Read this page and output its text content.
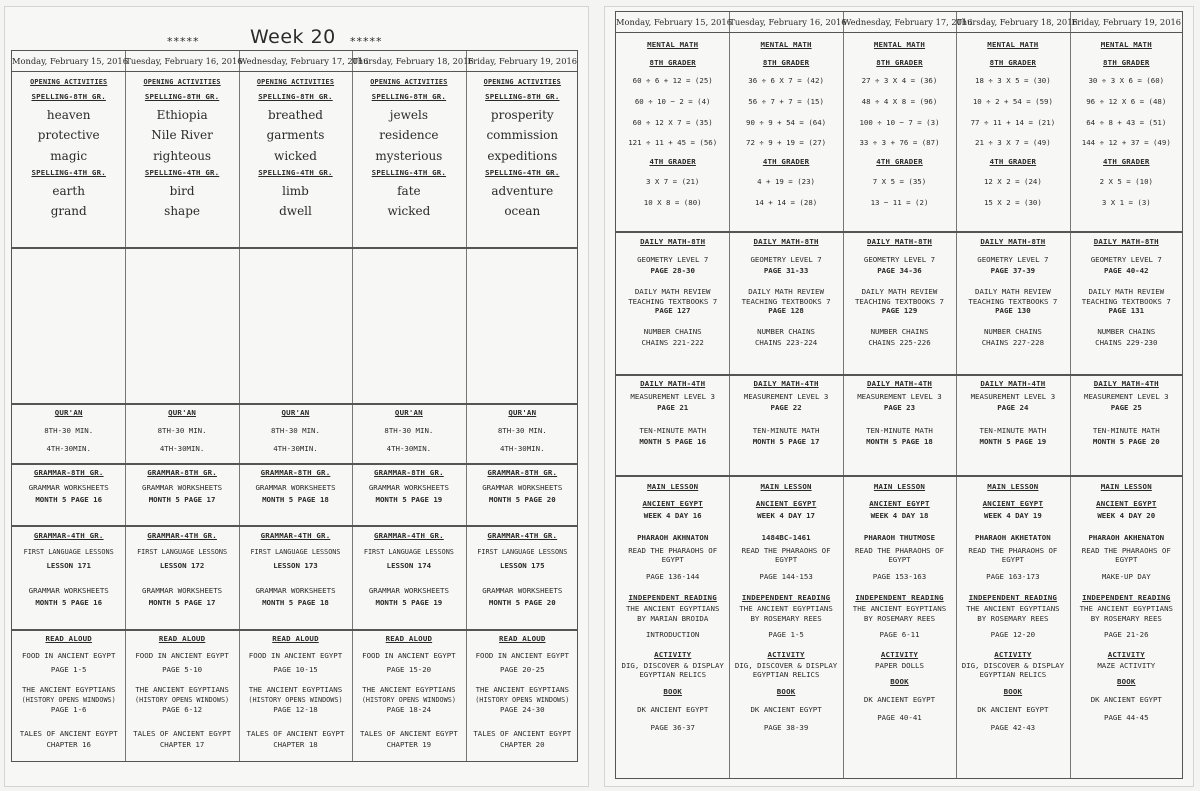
*****	Week 20 *****
Monday, February 15, 2016
Tuesday, February 16, 2016
Wednesday, February 17, 2016
Thursday, February 18, 2016
Friday, February 19, 2016
OPENING ACTIVITIES
SPELLING-8TH GR.
heaven
protective
magic
SPELLING-4TH GR.
earth
grand
QUR'AN
8TH-30 MIN.
4TH-30MIN.
GRAMMAR-8TH GR.
GRAMMAR WORKSHEETS
MONTH 5 PAGE 16
GRAMMAR-4TH GR.
FIRST LANGUAGE LESSONS
LESSON 171
GRAMMAR WORKSHEETS
MONTH 5 PAGE 16
READ ALOUD
FOOD IN ANCIENT EGYPT
PAGE 1-5
THE ANCIENT EGYPTIANS
(HISTORY OPENS WINDOWS)
PAGE 1-6
TALES OF ANCIENT EGYPT
CHAPTER 16
OPENING ACTIVITIES
SPELLING-8TH GR.
Ethiopia
Nile River
righteous
SPELLING-4TH GR.
bird
shape
QUR'AN
8TH-30 MIN.
4TH-30MIN.
GRAMMAR-8TH GR.
GRAMMAR WORKSHEETS
MONTH 5 PAGE 17
GRAMMAR-4TH GR.
FIRST LANGUAGE LESSONS
LESSON 172
GRAMMAR WORKSHEETS
MONTH 5 PAGE 17
READ ALOUD
FOOD IN ANCIENT EGYPT
PAGE 5-10
THE ANCIENT EGYPTIANS
(HISTORY OPENS WINDOWS)
PAGE 6-12
TALES OF ANCIENT EGYPT
CHAPTER 17
OPENING ACTIVITIES
SPELLING-8TH GR.
breathed
garments
wicked
SPELLING-4TH GR.
limb
dwell
QUR'AN
8TH-30 MIN.
4TH-30MIN.
GRAMMAR-8TH GR.
GRAMMAR WORKSHEETS
MONTH 5 PAGE 18
GRAMMAR-4TH GR.
FIRST LANGUAGE LESSONS
LESSON 173
GRAMMAR WORKSHEETS
MONTH 5 PAGE 18
READ ALOUD
FOOD IN ANCIENT EGYPT
PAGE 10-15
THE ANCIENT EGYPTIANS
(HISTORY OPENS WINDOWS)
PAGE 12-18
TALES OF ANCIENT EGYPT
CHAPTER 18
OPENING ACTIVITIES
SPELLING-8TH GR.
jewels
residence
mysterious
SPELLING-4TH GR.
fate
wicked
QUR'AN
8TH-30 MIN.
4TH-30MIN.
GRAMMAR-8TH GR.
GRAMMAR WORKSHEETS
MONTH 5 PAGE 19
GRAMMAR-4TH GR.
FIRST LANGUAGE LESSONS
LESSON 174
GRAMMAR WORKSHEETS
MONTH 5 PAGE 19
READ ALOUD
FOOD IN ANCIENT EGYPT
PAGE 15-20
THE ANCIENT EGYPTIANS
(HISTORY OPENS WINDOWS)
PAGE 18-24
TALES OF ANCIENT EGYPT
CHAPTER 19
OPENING ACTIVITIES
SPELLING-8TH GR.
prosperity
commission
expeditions
SPELLING-4TH GR.
adventure
ocean
QUR'AN
8TH-30 MIN.
4TH-30MIN.
GRAMMAR-8TH GR.
GRAMMAR WORKSHEETS
MONTH 5 PAGE 20
GRAMMAR-4TH GR.
FIRST LANGUAGE LESSONS
LESSON 175
GRAMMAR WORKSHEETS
MONTH 5 PAGE 20
READ ALOUD
FOOD IN ANCIENT EGYPT
PAGE 20-25
THE ANCIENT EGYPTIANS
(HISTORY OPENS WINDOWS)
PAGE 24-30
TALES OF ANCIENT EGYPT
CHAPTER 20
Monday, February 15, 2016
Tuesday, February 16, 2016
Wednesday, February 17, 2016
Thursday, February 18, 2016
Friday, February 19, 2016
MENTAL MATH
8TH GRADER
60 ÷ 6 + 12 = (25)
60 ÷ 10 − 2 = (4)
60 ÷ 12 X 7 = (35)
121 ÷ 11 + 45 = (56)
4TH GRADER
3 X 7 = (21)
10 X 8 = (80)
DAILY MATH-8TH
GEOMETRY LEVEL 7
PAGE 28-30
DAILY MATH REVIEW
TEACHING TEXTBOOKS 7
PAGE 127
NUMBER CHAINS
CHAINS 221-222
DAILY MATH-4TH
MEASUREMENT LEVEL 3
PAGE 21
TEN-MINUTE MATH
MONTH 5 PAGE 16
MAIN LESSON
ANCIENT EGYPT
WEEK 4 DAY 16
PHARAOH AKHNATON
READ THE PHARAOHS OF
EGYPT
PAGE 136-144
INDEPENDENT READING
THE ANCIENT EGYPTIANS
BY MARIAN BROIDA
INTRODUCTION
ACTIVITY
DIG, DISCOVER & DISPLAY
EGYPTIAN RELICS
BOOK
DK ANCIENT EGYPT
PAGE 36-37
MENTAL MATH
8TH GRADER
36 ÷ 6 X 7 = (42)
56 ÷ 7 + 7 = (15)
90 ÷ 9 + 54 = (64)
72 ÷ 9 + 19 = (27)
4TH GRADER
4 + 19 = (23)
14 + 14 = (28)
DAILY MATH-8TH
GEOMETRY LEVEL 7
PAGE 31-33
DAILY MATH REVIEW
TEACHING TEXTBOOKS 7
PAGE 128
NUMBER CHAINS
CHAINS 223-224
DAILY MATH-4TH
MEASUREMENT LEVEL 3
PAGE 22
TEN-MINUTE MATH
MONTH 5 PAGE 17
MAIN LESSON
ANCIENT EGYPT
WEEK 4 DAY 17
1484BC-1461
READ THE PHARAOHS OF
EGYPT
PAGE 144-153
INDEPENDENT READING
THE ANCIENT EGYPTIANS
BY ROSEMARY REES
PAGE 1-5
ACTIVITY
DIG, DISCOVER & DISPLAY
EGYPTIAN RELICS
BOOK
DK ANCIENT EGYPT
PAGE 38-39
MENTAL MATH
8TH GRADER
27 ÷ 3 X 4 = (36)
48 ÷ 4 X 8 = (96)
100 ÷ 10 − 7 = (3)
33 ÷ 3 + 76 = (87)
4TH GRADER
7 X 5 = (35)
13 − 11 = (2)
DAILY MATH-8TH
GEOMETRY LEVEL 7
PAGE 34-36
DAILY MATH REVIEW
TEACHING TEXTBOOKS 7
PAGE 129
NUMBER CHAINS
CHAINS 225-226
DAILY MATH-4TH
MEASUREMENT LEVEL 3
PAGE 23
TEN-MINUTE MATH
MONTH 5 PAGE 18
MAIN LESSON
ANCIENT EGYPT
WEEK 4 DAY 18
PHARAOH THUTMOSE
READ THE PHARAOHS OF
EGYPT
PAGE 153-163
INDEPENDENT READING
THE ANCIENT EGYPTIANS
BY ROSEMARY REES
PAGE 6-11
ACTIVITY
PAPER DOLLS
BOOK
DK ANCIENT EGYPT
PAGE 40-41
MENTAL MATH
8TH GRADER
18 ÷ 3 X 5 = (30)
10 ÷ 2 + 54 = (59)
77 ÷ 11 + 14 = (21)
21 ÷ 3 X 7 = (49)
4TH GRADER
12 X 2 = (24)
15 X 2 = (30)
DAILY MATH-8TH
GEOMETRY LEVEL 7
PAGE 37-39
DAILY MATH REVIEW
TEACHING TEXTBOOKS 7
PAGE 130
NUMBER CHAINS
CHAINS 227-228
DAILY MATH-4TH
MEASUREMENT LEVEL 3
PAGE 24
TEN-MINUTE MATH
MONTH 5 PAGE 19
MAIN LESSON
ANCIENT EGYPT
WEEK 4 DAY 19
PHARAOH AKHETATON
READ THE PHARAOHS OF
EGYPT
PAGE 163-173
INDEPENDENT READING
THE ANCIENT EGYPTIANS
BY ROSEMARY REES
PAGE 12-20
ACTIVITY
DIG, DISCOVER & DISPLAY
EGYPTIAN RELICS
BOOK
DK ANCIENT EGYPT
PAGE 42-43
MENTAL MATH
8TH GRADER
30 ÷ 3 X 6 = (60)
96 ÷ 12 X 6 = (48)
64 ÷ 8 + 43 = (51)
144 ÷ 12 + 37 = (49)
4TH GRADER
2 X 5 = (10)
3 X 1 = (3)
DAILY MATH-8TH
GEOMETRY LEVEL 7
PAGE 40-42
DAILY MATH REVIEW
TEACHING TEXTBOOKS 7
PAGE 131
NUMBER CHAINS
CHAINS 229-230
DAILY MATH-4TH
MEASUREMENT LEVEL 3
PAGE 25
TEN-MINUTE MATH
MONTH 5 PAGE 20
MAIN LESSON
ANCIENT EGYPT
WEEK 4 DAY 20
PHARAOH AKHENATON
READ THE PHARAOHS OF
EGYPT
MAKE-UP DAY
INDEPENDENT READING
THE ANCIENT EGYPTIANS
BY ROSEMARY REES
PAGE 21-26
ACTIVITY
MAZE ACTIVITY
BOOK
DK ANCIENT EGYPT
PAGE 44-45
